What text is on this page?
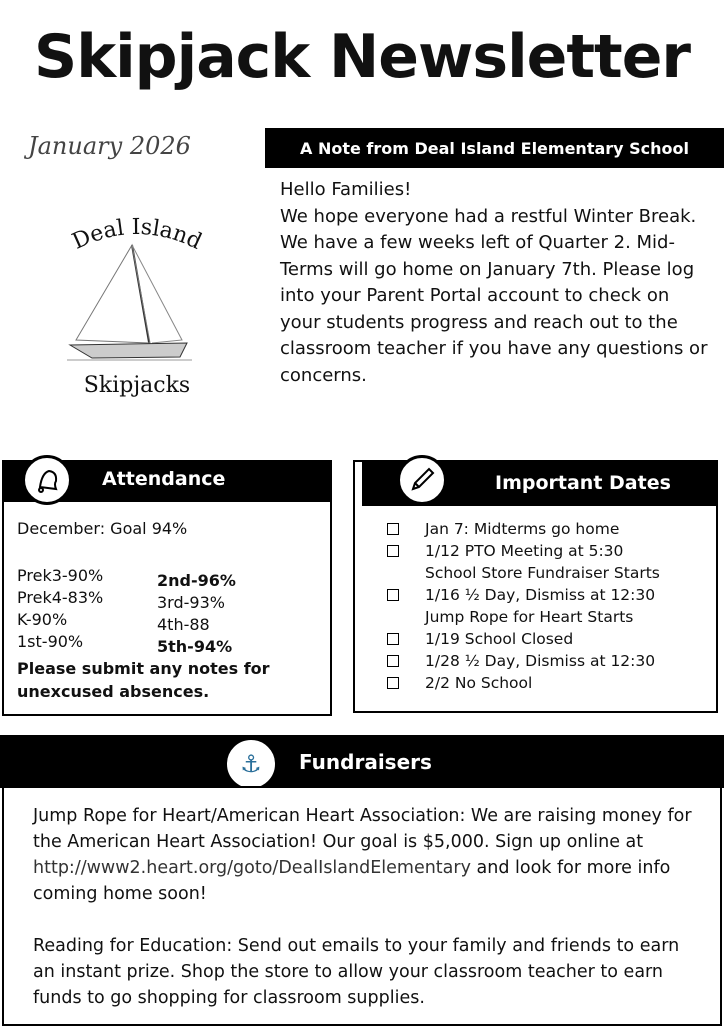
Skipjack Newsletter
January 2026
Deal Island
Skipjacks
A Note from Deal Island Elementary School
Hello Families!
We hope everyone had a restful Winter Break. We have a few weeks left of Quarter 2. Mid-Terms will go home on January 7th. Please log into your Parent Portal account to check on your students progress and reach out to the classroom teacher if you have any questions or concerns.
Attendance
December: Goal 94%
Prek3-90%
Prek4-83%
K-90%
1st-90%
2nd-96%
3rd-93%
4th-88
5th-94%
Please submit any notes for unexcused absences.
Important Dates
Jan 7: Midterms go home
1/12 PTO Meeting at 5:30
School Store Fundraiser Starts
1/16 ½ Day, Dismiss at 12:30
Jump Rope for Heart Starts
1/19 School Closed
1/28 ½ Day, Dismiss at 12:30
2/2 No School
Fundraisers
⚓

Jump Rope for Heart/American Heart Association: We are raising money for the American Heart Association! Our goal is $5,000. Sign up online at http://www2.heart.org/goto/DealIslandElementary and look for more info coming home soon!

Reading for Education: Send out emails to your family and friends to earn an instant prize. Shop the store to allow your classroom teacher to earn funds to go shopping for classroom supplies.
